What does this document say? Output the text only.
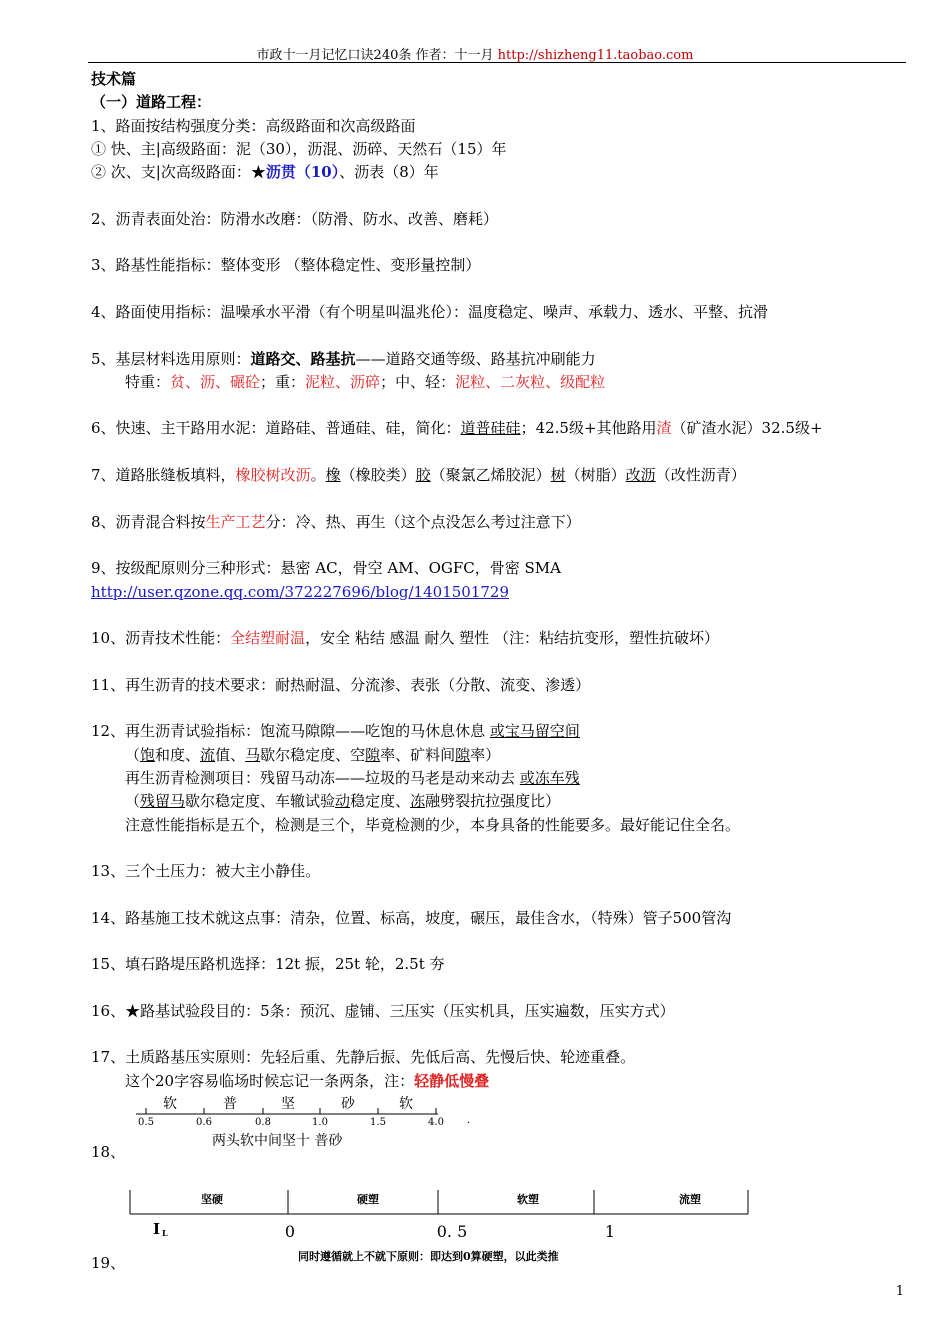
市政十一月记忆口诀240条 作者：十一月 http://shizheng11.taobao.com
技术篇
（一）道路工程：
1、路面按结构强度分类：高级路面和次高级路面
① 快、主|高级路面：泥（30），沥混、沥碎、天然石（15）年
② 次、支|次高级路面：★沥贯（10）、沥表（8）年
2、沥青表面处治：防滑水改磨：（防滑、防水、改善、磨耗）
3、路基性能指标：整体变形 （整体稳定性、变形量控制）
4、路面使用指标：温噪承水平滑（有个明星叫温兆伦）：温度稳定、噪声、承载力、透水、平整、抗滑
5、基层材料选用原则：道路交、路基抗——道路交通等级、路基抗冲刷能力
特重：贫、沥、碾砼；重：泥粒、沥碎；中、轻：泥粒、二灰粒、级配粒
6、快速、主干路用水泥：道路硅、普通硅、硅，简化：道普硅硅；42.5级+其他路用渣（矿渣水泥）32.5级+
7、道路胀缝板填料，橡胶树改沥。橡（橡胶类）胶（聚氯乙烯胶泥）树（树脂）改沥（改性沥青）
8、沥青混合料按生产工艺分：冷、热、再生（这个点没怎么考过注意下）
9、按级配原则分三种形式：悬密 AC，骨空 AM、OGFC，骨密 SMA
http://user.qzone.qq.com/372227696/blog/1401501729
10、沥青技术性能：全结塑耐温，安全 粘结 感温 耐久 塑性 （注：粘结抗变形，塑性抗破坏）
11、再生沥青的技术要求：耐热耐温、分流渗、表张（分散、流变、渗透）
12、再生沥青试验指标：饱流马隙隙——吃饱的马休息休息 或宝马留空间
（饱和度、流值、马歇尔稳定度、空隙率、矿料间隙率）
再生沥青检测项目：残留马动冻——垃圾的马老是动来动去 或冻车残
（残留马歇尔稳定度、车辙试验动稳定度、冻融劈裂抗拉强度比）
注意性能指标是五个，检测是三个，毕竟检测的少，本身具备的性能要多。最好能记住全名。
13、三个土压力：被大主小静佳。
14、路基施工技术就这点事：清杂，位置、标高，坡度，碾压，最佳含水，（特殊）管子500管沟
15、填石路堤压路机选择：12t 振，25t 轮，2.5t 夯
16、★路基试验段目的：5条：预沉、虚铺、三压实（压实机具，压实遍数，压实方式）
17、土质路基压实原则：先轻后重、先静后振、先低后高、先慢后快、轮迹重叠。
这个20字容易临场时候忘记一条两条，注：轻静低慢叠
软	普	坚	砂	软
0.5	0.6	0.8	1.0	1.5	4.0
两头软中间坚十 普砂
·
18、
坚硬	硬塑	软塑	流塑
I L	0	0. 5	1
同时遵循就上不就下原则：即达到0算硬塑，以此类推
19、
1
